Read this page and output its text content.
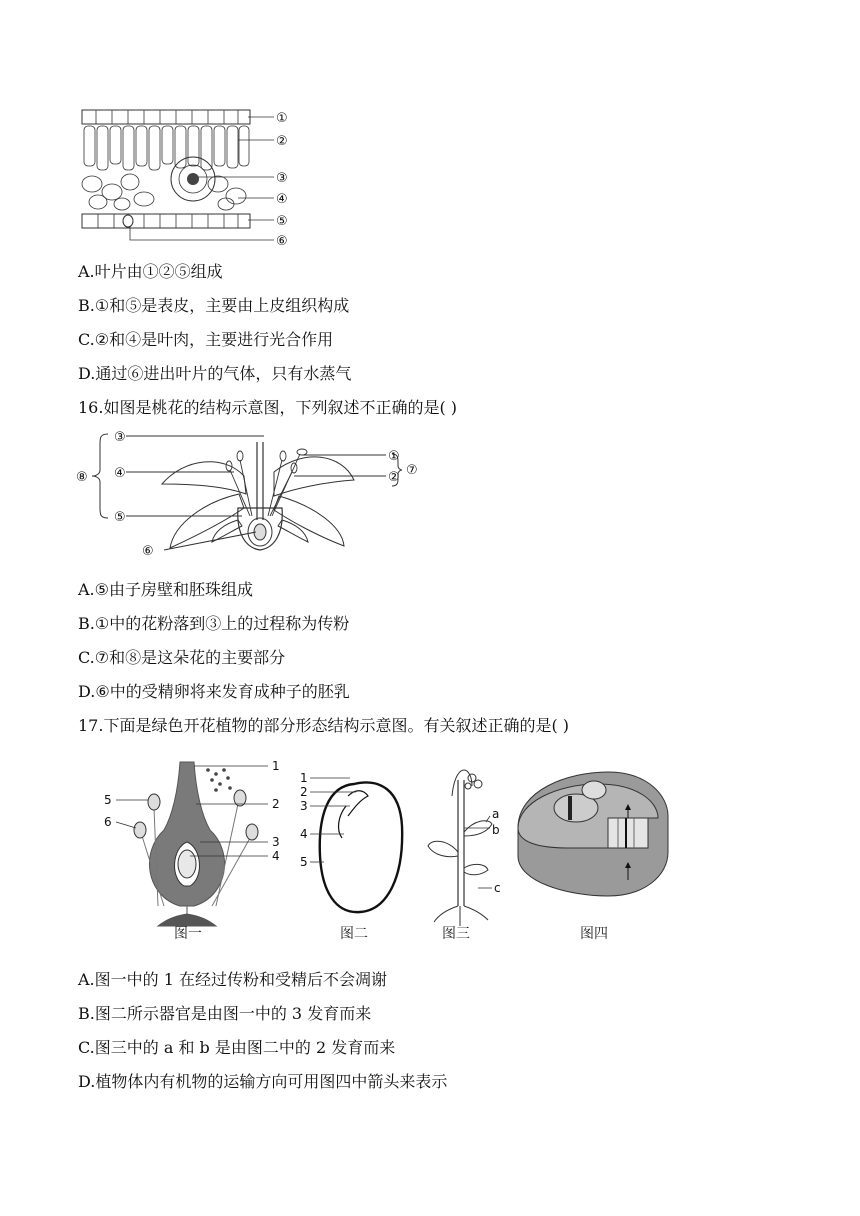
①
②
③
④
⑤
⑥
A.叶片由①②⑤组成
B.①和⑤是表皮，主要由上皮组织构成
C.②和④是叶肉，主要进行光合作用
D.通过⑥进出叶片的气体，只有水蒸气
16.如图是桃花的结构示意图，下列叙述不正确的是( )
③
④
⑤
⑥
①
② ⑦
⑧
A.⑤由子房壁和胚珠组成
B.①中的花粉落到③上的过程称为传粉
C.⑦和⑧是这朵花的主要部分
D.⑥中的受精卵将来发育成种子的胚乳
17.下面是绿色开花植物的部分形态结构示意图。有关叙述正确的是( )
1
2
3
4
5
6
1
2
3
4
5
a
b
c
图一	图二	图三	图四
A.图一中的 1 在经过传粉和受精后不会凋谢
B.图二所示器官是由图一中的 3 发育而来
C.图三中的 a 和 b 是由图二中的 2 发育而来
D.植物体内有机物的运输方向可用图四中箭头来表示
